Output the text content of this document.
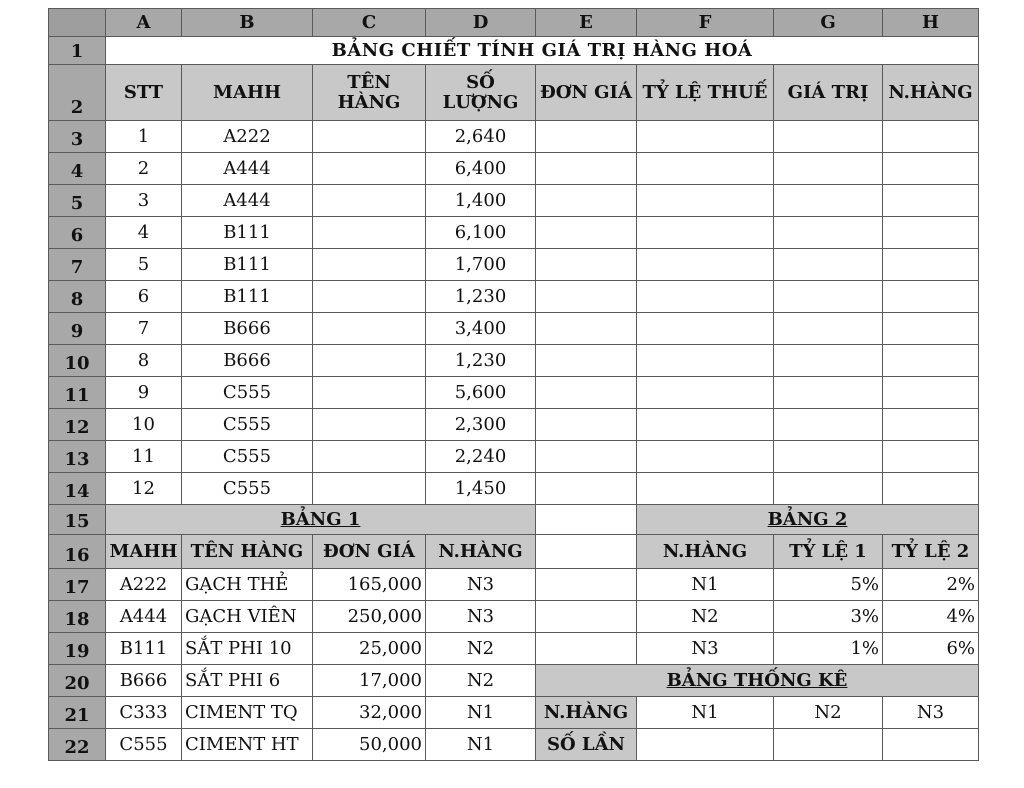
	A	B	C	D	E	F	G	H
1	BẢNG CHIẾT TÍNH GIÁ TRỊ HÀNG HOÁ							
2	STT	MAHH	TÊN HÀNG	SỐ LƯỢNG	ĐƠN GIÁ	TỶ LỆ THUẾ	GIÁ TRỊ	N.HÀNG
3	1	A222		2,640				
4	2	A444		6,400				
5	3	A444		1,400				
6	4	B111		6,100				
7	5	B111		1,700				
8	6	B111		1,230				
9	7	B666		3,400				
10	8	B666		1,230				
11	9	C555		5,600				
12	10	C555		2,300				
13	11	C555		2,240				
14	12	C555		1,450				
15	BẢNG 1					BẢNG 2		
16	MAHH	TÊN HÀNG	ĐƠN GIÁ	N.HÀNG		N.HÀNG	TỶ LỆ 1	TỶ LỆ 2
17	A222	GẠCH THẺ	165,000	N3		N1	5%	2%
18	A444	GẠCH VIÊN	250,000	N3		N2	3%	4%
19	B111	SẮT PHI 10	25,000	N2		N3	1%	6%
20	B666	SẮT PHI 6	17,000	N2	BẢNG THỐNG KÊ			
21	C333	CIMENT TQ	32,000	N1	N.HÀNG	N1	N2	N3
22	C555	CIMENT HT	50,000	N1	SỐ LẦN			
